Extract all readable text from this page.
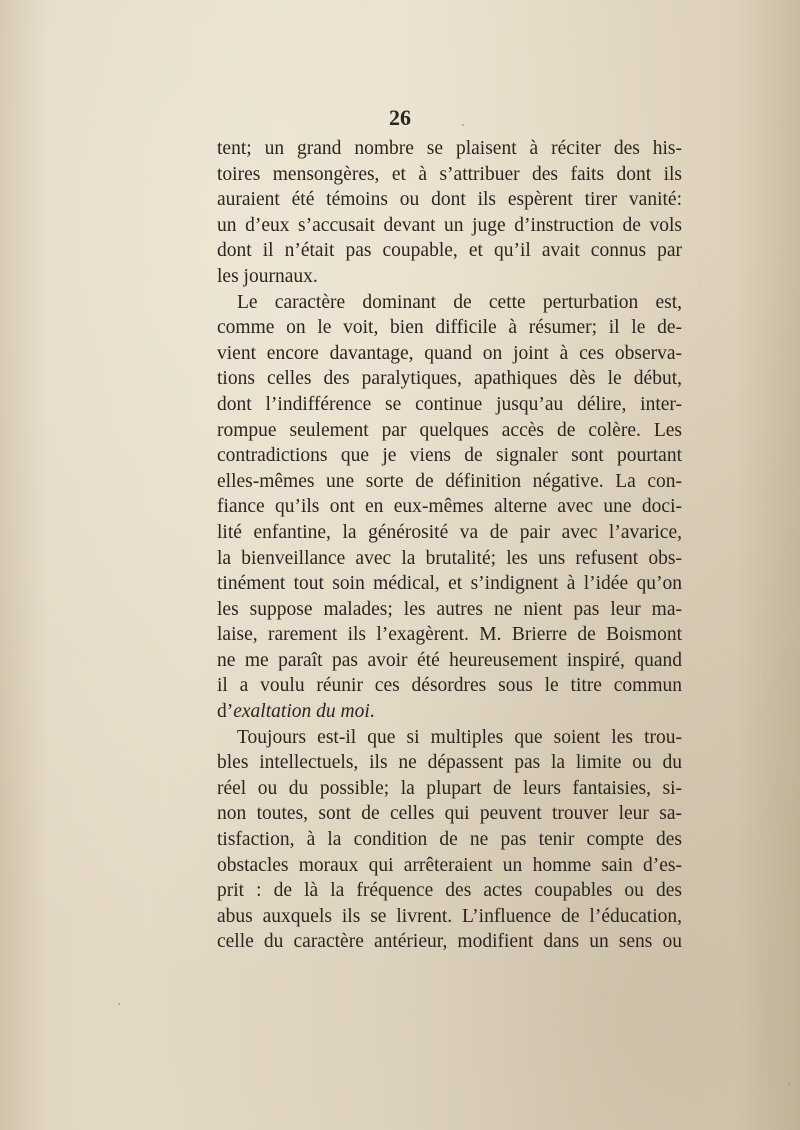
26
tent; un grand nombre se plaisent à réciter des his-
toires mensongères, et à s’attribuer des faits dont ils
auraient été témoins ou dont ils espèrent tirer vanité:
un d’eux s’accusait devant un juge d’instruction de vols
dont il n’était pas coupable, et qu’il avait connus par
les journaux.
Le caractère dominant de cette perturbation est,
comme on le voit, bien difficile à résumer; il le de-
vient encore davantage, quand on joint à ces observa-
tions celles des paralytiques, apathiques dès le début,
dont l’indifférence se continue jusqu’au délire, inter-
rompue seulement par quelques accès de colère. Les
contradictions que je viens de signaler sont pourtant
elles-mêmes une sorte de définition négative. La con-
fiance qu’ils ont en eux-mêmes alterne avec une doci-
lité enfantine, la générosité va de pair avec l’avarice,
la bienveillance avec la brutalité; les uns refusent obs-
tinément tout soin médical, et s’indignent à l’idée qu’on
les suppose malades; les autres ne nient pas leur ma-
laise, rarement ils l’exagèrent. M. Brierre de Boismont
ne me paraît pas avoir été heureusement inspiré, quand
il a voulu réunir ces désordres sous le titre commun
d’exaltation du moi.
Toujours est-il que si multiples que soient les trou-
bles intellectuels, ils ne dépassent pas la limite ou du
réel ou du possible; la plupart de leurs fantaisies, si-
non toutes, sont de celles qui peuvent trouver leur sa-
tisfaction, à la condition de ne pas tenir compte des
obstacles moraux qui arrêteraient un homme sain d’es-
prit : de là la fréquence des actes coupables ou des
abus auxquels ils se livrent. L’influence de l’éducation,
celle du caractère antérieur, modifient dans un sens ou
